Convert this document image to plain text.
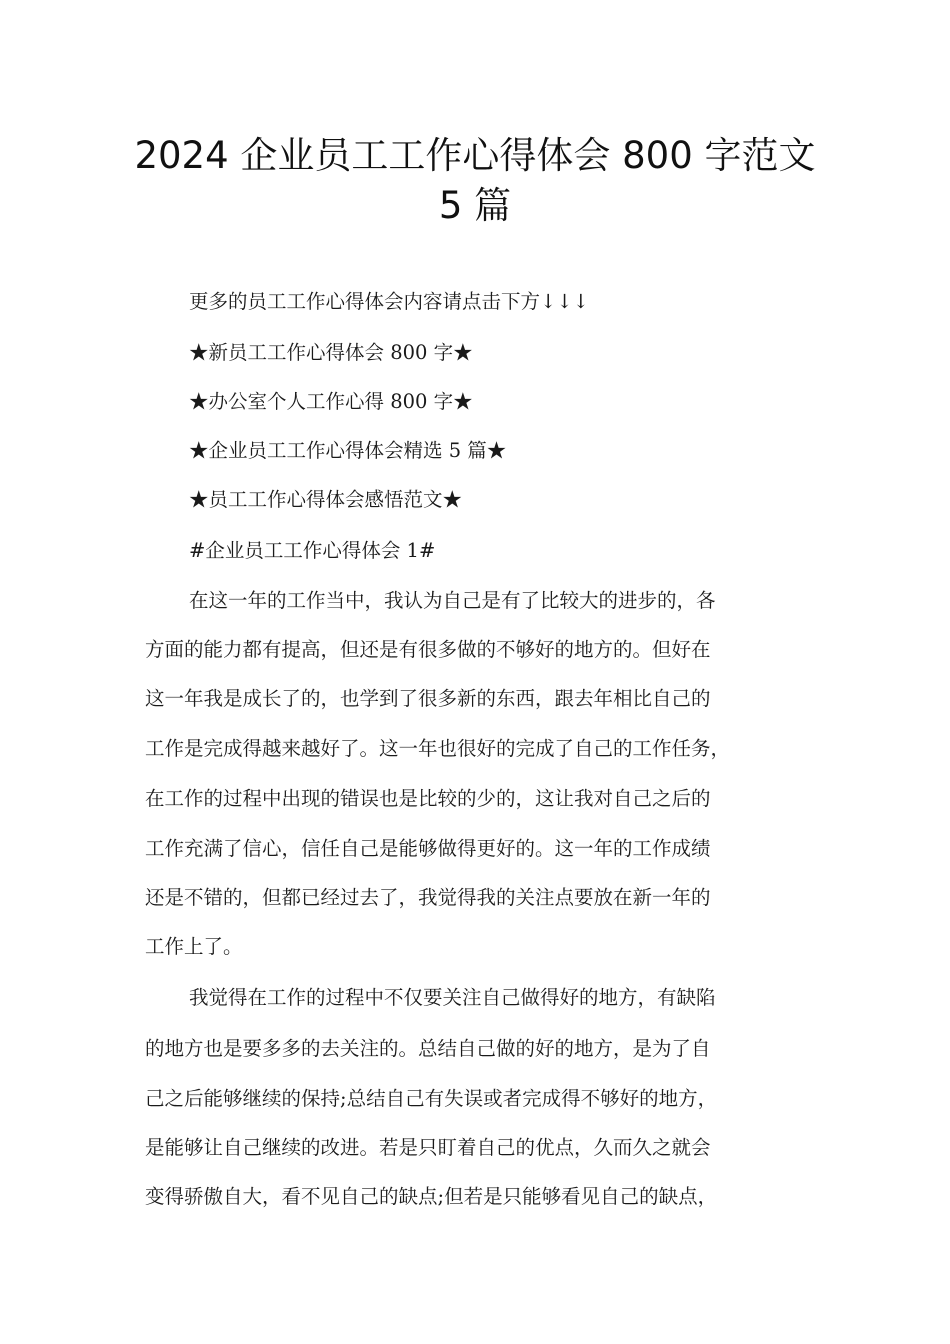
2024 企业员工工作心得体会 800 字范文
5 篇

更多的员工工作心得体会内容请点击下方↓↓↓

★新员工工作心得体会 800 字★

★办公室个人工作心得 800 字★

★企业员工工作心得体会精选 5 篇★

★员工工作心得体会感悟范文★

#企业员工工作心得体会 1#

在这一年的工作当中，我认为自己是有了比较大的进步的，各

方面的能力都有提高，但还是有很多做的不够好的地方的。但好在

这一年我是成长了的，也学到了很多新的东西，跟去年相比自己的

工作是完成得越来越好了。这一年也很好的完成了自己的工作任务，

在工作的过程中出现的错误也是比较的少的，这让我对自己之后的

工作充满了信心，信任自己是能够做得更好的。这一年的工作成绩

还是不错的，但都已经过去了，我觉得我的关注点要放在新一年的

工作上了。

我觉得在工作的过程中不仅要关注自己做得好的地方，有缺陷

的地方也是要多多的去关注的。总结自己做的好的地方，是为了自

己之后能够继续的保持;总结自己有失误或者完成得不够好的地方，

是能够让自己继续的改进。若是只盯着自己的优点，久而久之就会

变得骄傲自大，看不见自己的缺点;但若是只能够看见自己的缺点，
